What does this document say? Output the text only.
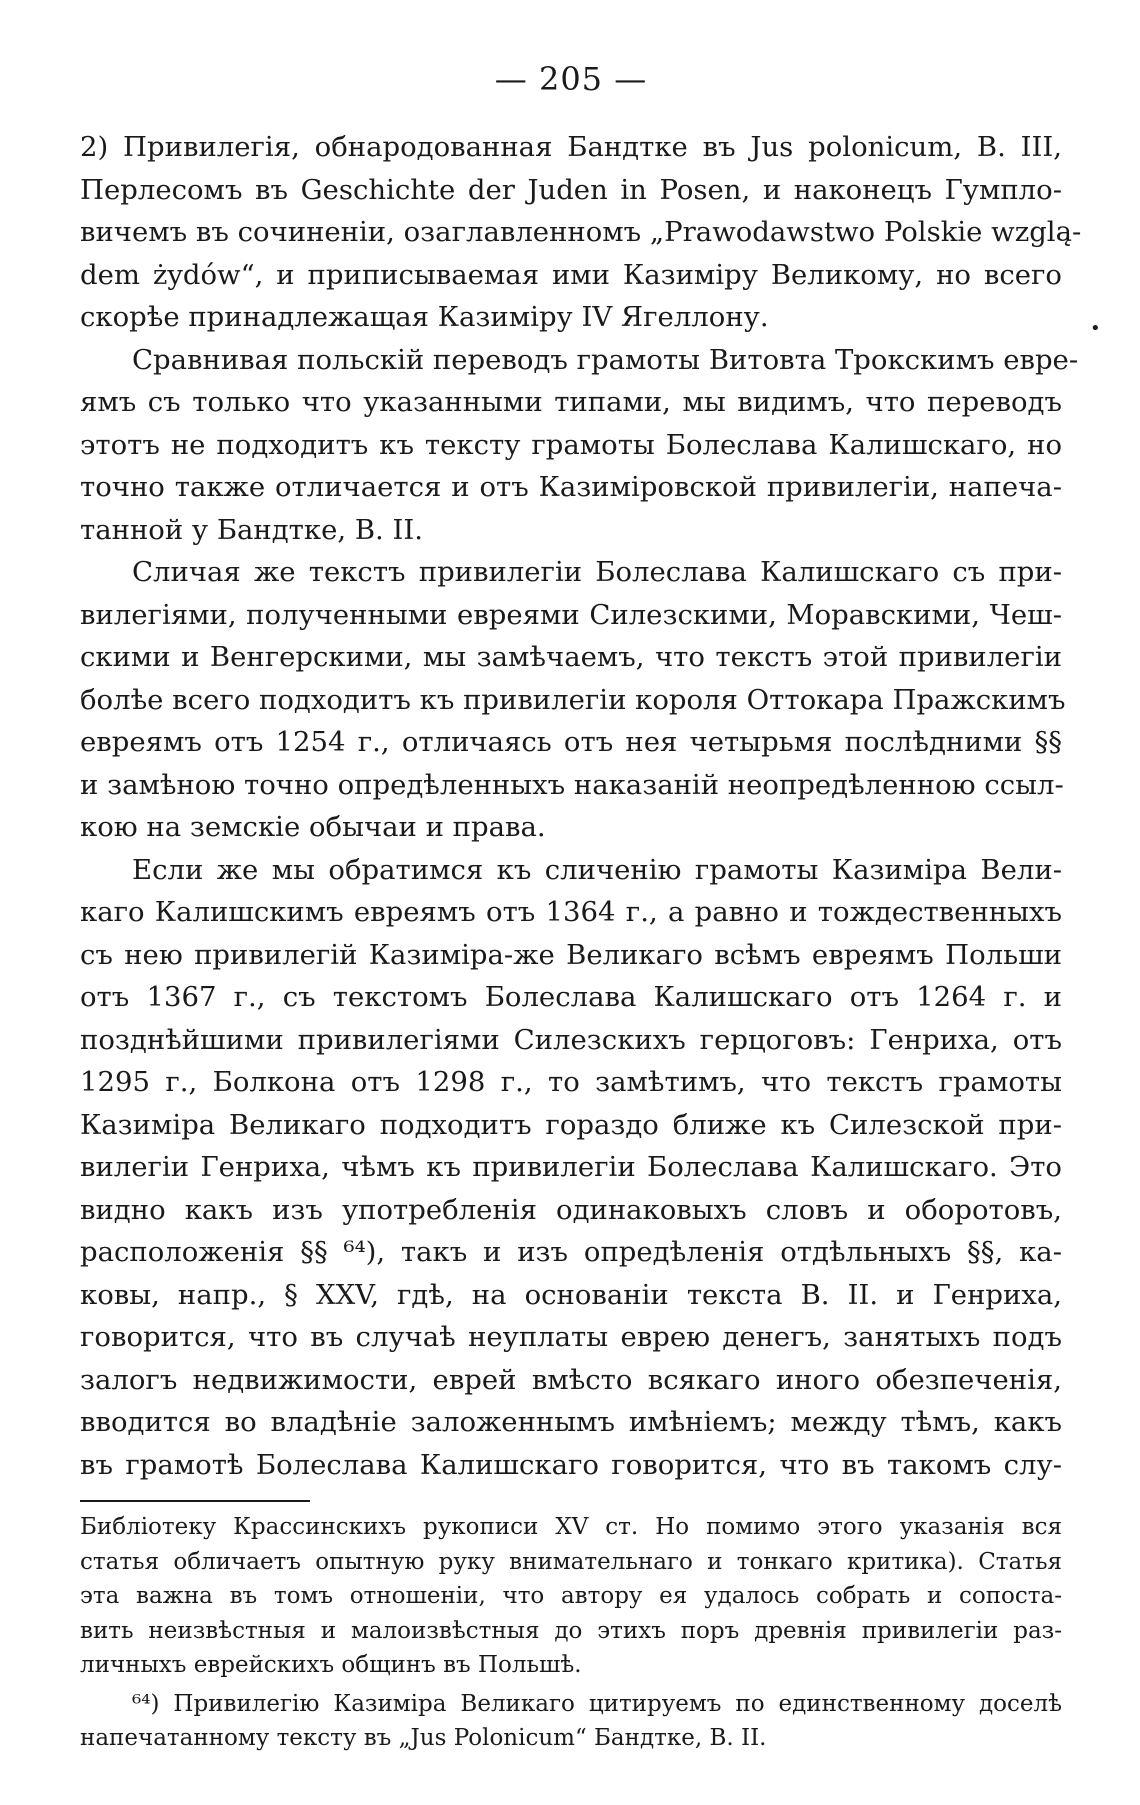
— 205 —
2) Привилегія, обнародованная Бандтке въ Jus polonicum, В. III,
Перлесомъ въ Geschichte der Juden in Posen, и наконецъ Гумпло-
вичемъ въ сочиненіи, озаглавленномъ „Prawodawstwo Polskie wzglą-
dem żydów“, и приписываемая ими Казиміру Великому, но всего
скорѣе принадлежащая Казиміру IV Ягеллону.
Сравнивая польскій переводъ грамоты Витовта Трокскимъ евре-
ямъ съ только что указанными типами, мы видимъ, что переводъ
этотъ не подходитъ къ тексту грамоты Болеслава Калишскаго, но
точно также отличается и отъ Казиміровской привилегіи, напеча-
танной у Бандтке, В. II.
Сличая же текстъ привилегіи Болеслава Калишскаго съ при-
вилегіями, полученными евреями Силезскими, Моравскими, Чеш-
скими и Венгерскими, мы замѣчаемъ, что текстъ этой привилегіи
болѣе всего подходитъ къ привилегіи короля Оттокара Пражскимъ
евреямъ отъ 1254 г., отличаясь отъ нея четырьмя послѣдними §§
и замѣною точно опредѣленныхъ наказаній неопредѣленною ссыл-
кою на земскіе обычаи и права.
Если же мы обратимся къ сличенію грамоты Казиміра Вели-
каго Калишскимъ евреямъ отъ 1364 г., а равно и тождественныхъ
съ нею привилегій Казиміра-же Великаго всѣмъ евреямъ Польши
отъ 1367 г., съ текстомъ Болеслава Калишскаго отъ 1264 г. и
позднѣйшими привилегіями Силезскихъ герцоговъ: Генриха, отъ
1295 г., Болкона отъ 1298 г., то замѣтимъ, что текстъ грамоты
Казиміра Великаго подходитъ гораздо ближе къ Силезской при-
вилегіи Генриха, чѣмъ къ привилегіи Болеслава Калишскаго. Это
видно какъ изъ употребленія одинаковыхъ словъ и оборотовъ,
расположенія §§ ⁶⁴), такъ и изъ опредѣленія отдѣльныхъ §§, ка-
ковы, напр., § XXV, гдѣ, на основаніи текста В. II. и Генриха,
говорится, что въ случаѣ неуплаты еврею денегъ, занятыхъ подъ
залогъ недвижимости, еврей вмѣсто всякаго иного обезпеченія,
вводится во владѣніе заложеннымъ имѣніемъ; между тѣмъ, какъ
въ грамотѣ Болеслава Калишскаго говорится, что въ такомъ слу-
Библіотеку Крассинскихъ рукописи XV ст. Но помимо этого указанія вся
статья обличаетъ опытную руку внимательнаго и тонкаго критика). Статья
эта важна въ томъ отношеніи, что автору ея удалось собрать и сопоста-
вить неизвѣстныя и малоизвѣстныя до этихъ поръ древнія привилегіи раз-
личныхъ еврейскихъ общинъ въ Польшѣ.
⁶⁴) Привилегію Казиміра Великаго цитируемъ по единственному доселѣ
напечатанному тексту въ „Jus Polonicum“ Бандтке, В. II.
•
